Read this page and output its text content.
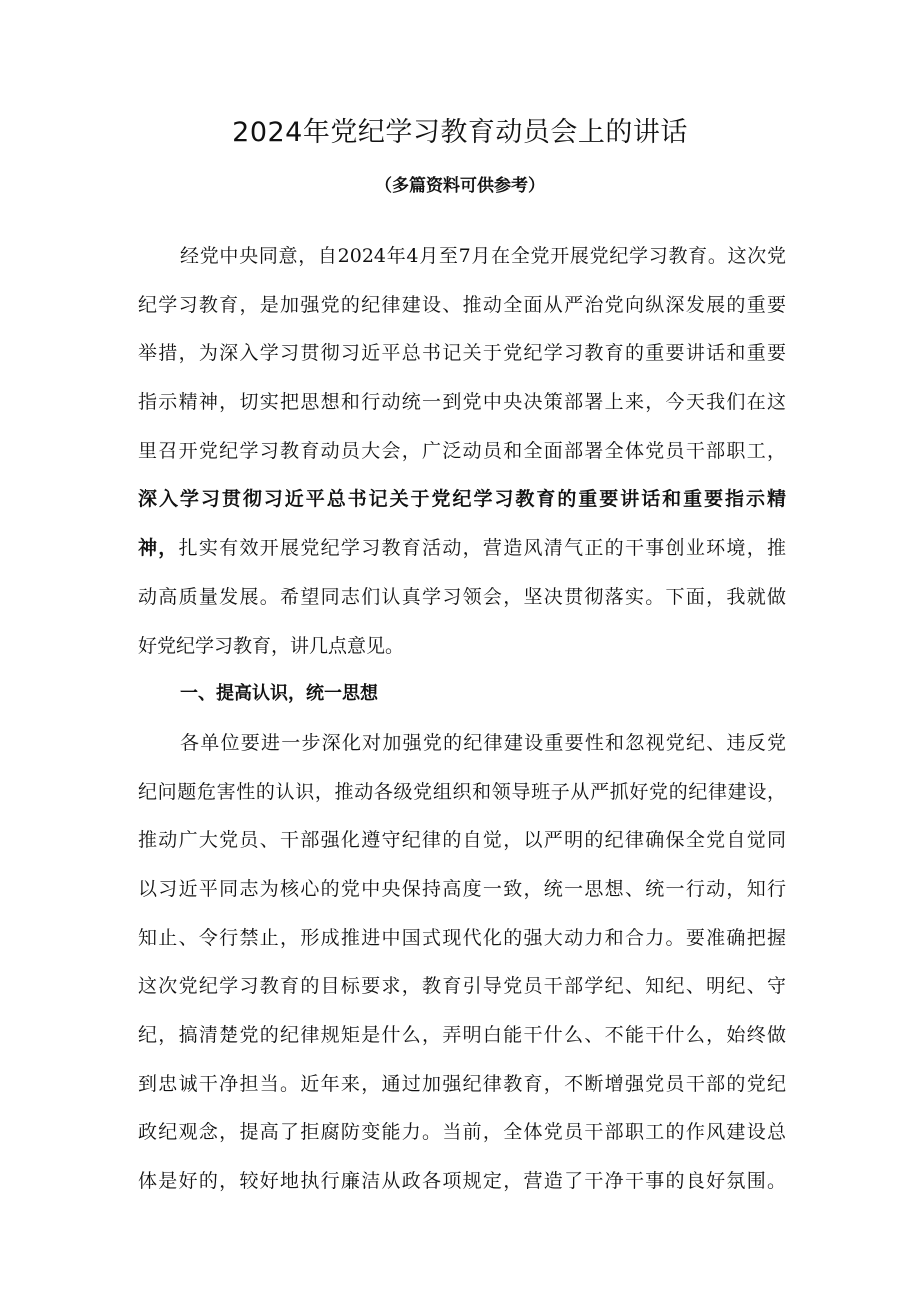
2024年党纪学习教育动员会上的讲话
（多篇资料可供参考）
经党中央同意，自2024年4月至7月在全党开展党纪学习教育。这次党
纪学习教育，是加强党的纪律建设、推动全面从严治党向纵深发展的重要
举措，为深入学习贯彻习近平总书记关于党纪学习教育的重要讲话和重要
指示精神，切实把思想和行动统一到党中央决策部署上来，今天我们在这
里召开党纪学习教育动员大会，广泛动员和全面部署全体党员干部职工，
深入学习贯彻习近平总书记关于党纪学习教育的重要讲话和重要指示精
神，扎实有效开展党纪学习教育活动，营造风清气正的干事创业环境，推
动高质量发展。希望同志们认真学习领会，坚决贯彻落实。下面，我就做
好党纪学习教育，讲几点意见。
一、提高认识，统一思想
各单位要进一步深化对加强党的纪律建设重要性和忽视党纪、违反党
纪问题危害性的认识，推动各级党组织和领导班子从严抓好党的纪律建设，
推动广大党员、干部强化遵守纪律的自觉，以严明的纪律确保全党自觉同
以习近平同志为核心的党中央保持高度一致，统一思想、统一行动，知行
知止、令行禁止，形成推进中国式现代化的强大动力和合力。要准确把握
这次党纪学习教育的目标要求，教育引导党员干部学纪、知纪、明纪、守
纪，搞清楚党的纪律规矩是什么，弄明白能干什么、不能干什么，始终做
到忠诚干净担当。近年来，通过加强纪律教育，不断增强党员干部的党纪
政纪观念，提高了拒腐防变能力。当前，全体党员干部职工的作风建设总
体是好的，较好地执行廉洁从政各项规定，营造了干净干事的良好氛围。
